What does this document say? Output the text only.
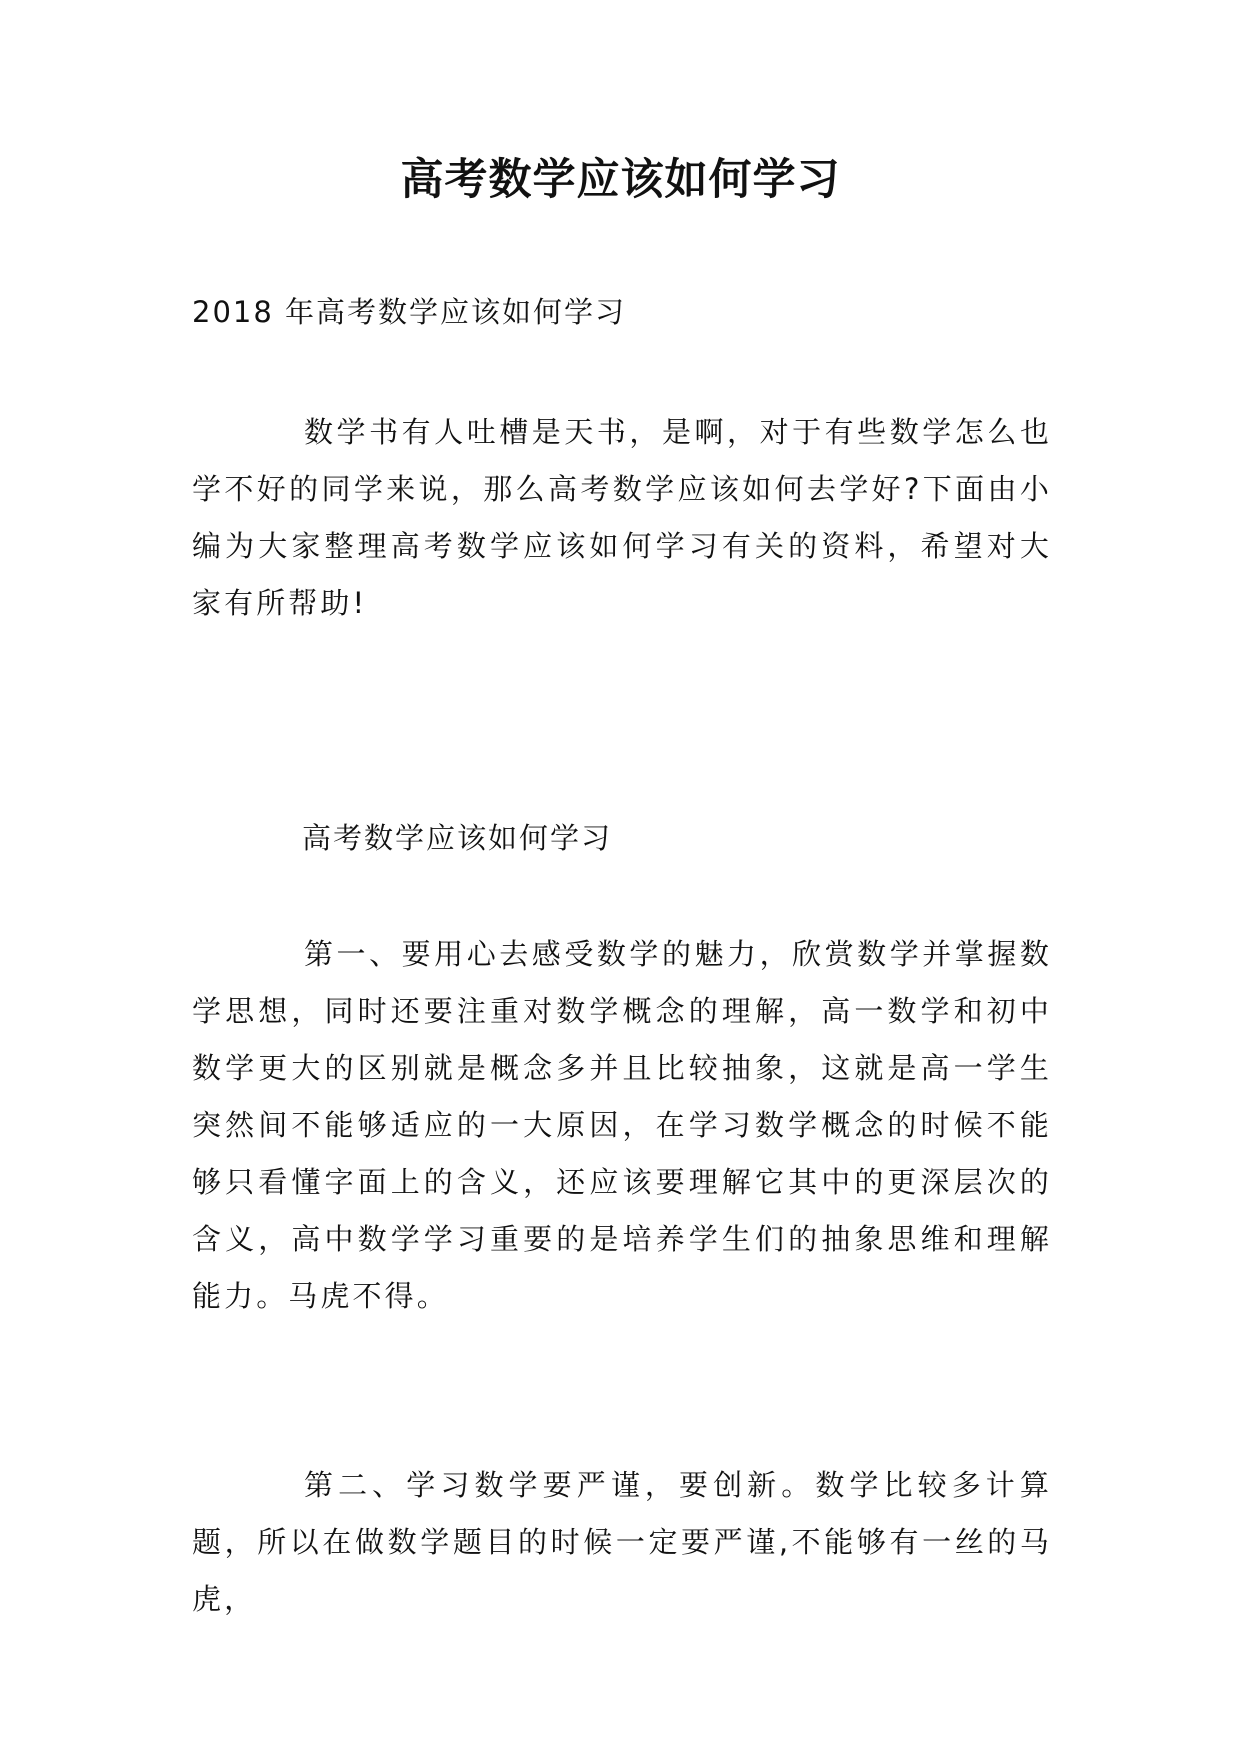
高考数学应该如何学习
2018 年高考数学应该如何学习

数学书有人吐槽是天书，是啊，对于有些数学怎么也学不好的同学来说，那么高考数学应该如何去学好?下面由小编为大家整理高考数学应该如何学习有关的资料，希望对大家有所帮助!

高考数学应该如何学习

第一、要用心去感受数学的魅力，欣赏数学并掌握数学思想，同时还要注重对数学概念的理解，高一数学和初中数学更大的区别就是概念多并且比较抽象，这就是高一学生突然间不能够适应的一大原因，在学习数学概念的时候不能够只看懂字面上的含义，还应该要理解它其中的更深层次的含义，高中数学学习重要的是培养学生们的抽象思维和理解能力。马虎不得。

第二、学习数学要严谨，要创新。数学比较多计算题，所以在做数学题目的时候一定要严谨,不能够有一丝的马虎，
